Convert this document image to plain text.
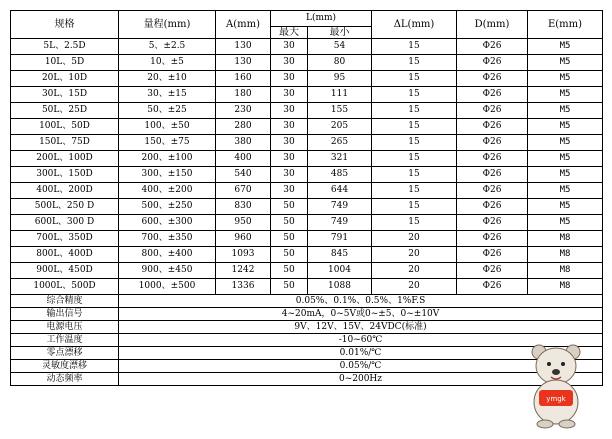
规格	量程(mm)	A(mm)	L(mm)		ΔL(mm)	D(mm)	E(mm)
			最大	最小			
5L、2.5D	5、±2.5	130	30	54	15	Φ26	M5
10L、5D	10、±5	130	30	80	15	Φ26	M5
20L、10D	20、±10	160	30	95	15	Φ26	M5
30L、15D	30、±15	180	30	111	15	Φ26	M5
50L、25D	50、±25	230	30	155	15	Φ26	M5
100L、50D	100、±50	280	30	205	15	Φ26	M5
150L、75D	150、±75	380	30	265	15	Φ26	M5
200L、100D	200、±100	400	30	321	15	Φ26	M5
300L、150D	300、±150	540	30	485	15	Φ26	M5
400L、200D	400、±200	670	30	644	15	Φ26	M5
500L、250 D	500、±250	830	50	749	15	Φ26	M5
600L、300 D	600、±300	950	50	749	15	Φ26	M5
700L、350D	700、±350	960	50	791	20	Φ26	M8
800L、400D	800、±400	1093	50	845	20	Φ26	M8
900L、450D	900、±450	1242	50	1004	20	Φ26	M8
1000L、500D	1000、±500	1336	50	1088	20	Φ26	M8
综合精度	0.05%、0.1%、0.5%、1%F.S						
输出信号	4~20mA，0~5V或0~±5、0~±10V						
电源电压	9V、12V、15V、24VDC(标准)						
工作温度	-10~60℃						
零点漂移	0.01%/℃						
灵敏度漂移	0.05%/℃						
动态频率	0~200Hz						
ymgk
